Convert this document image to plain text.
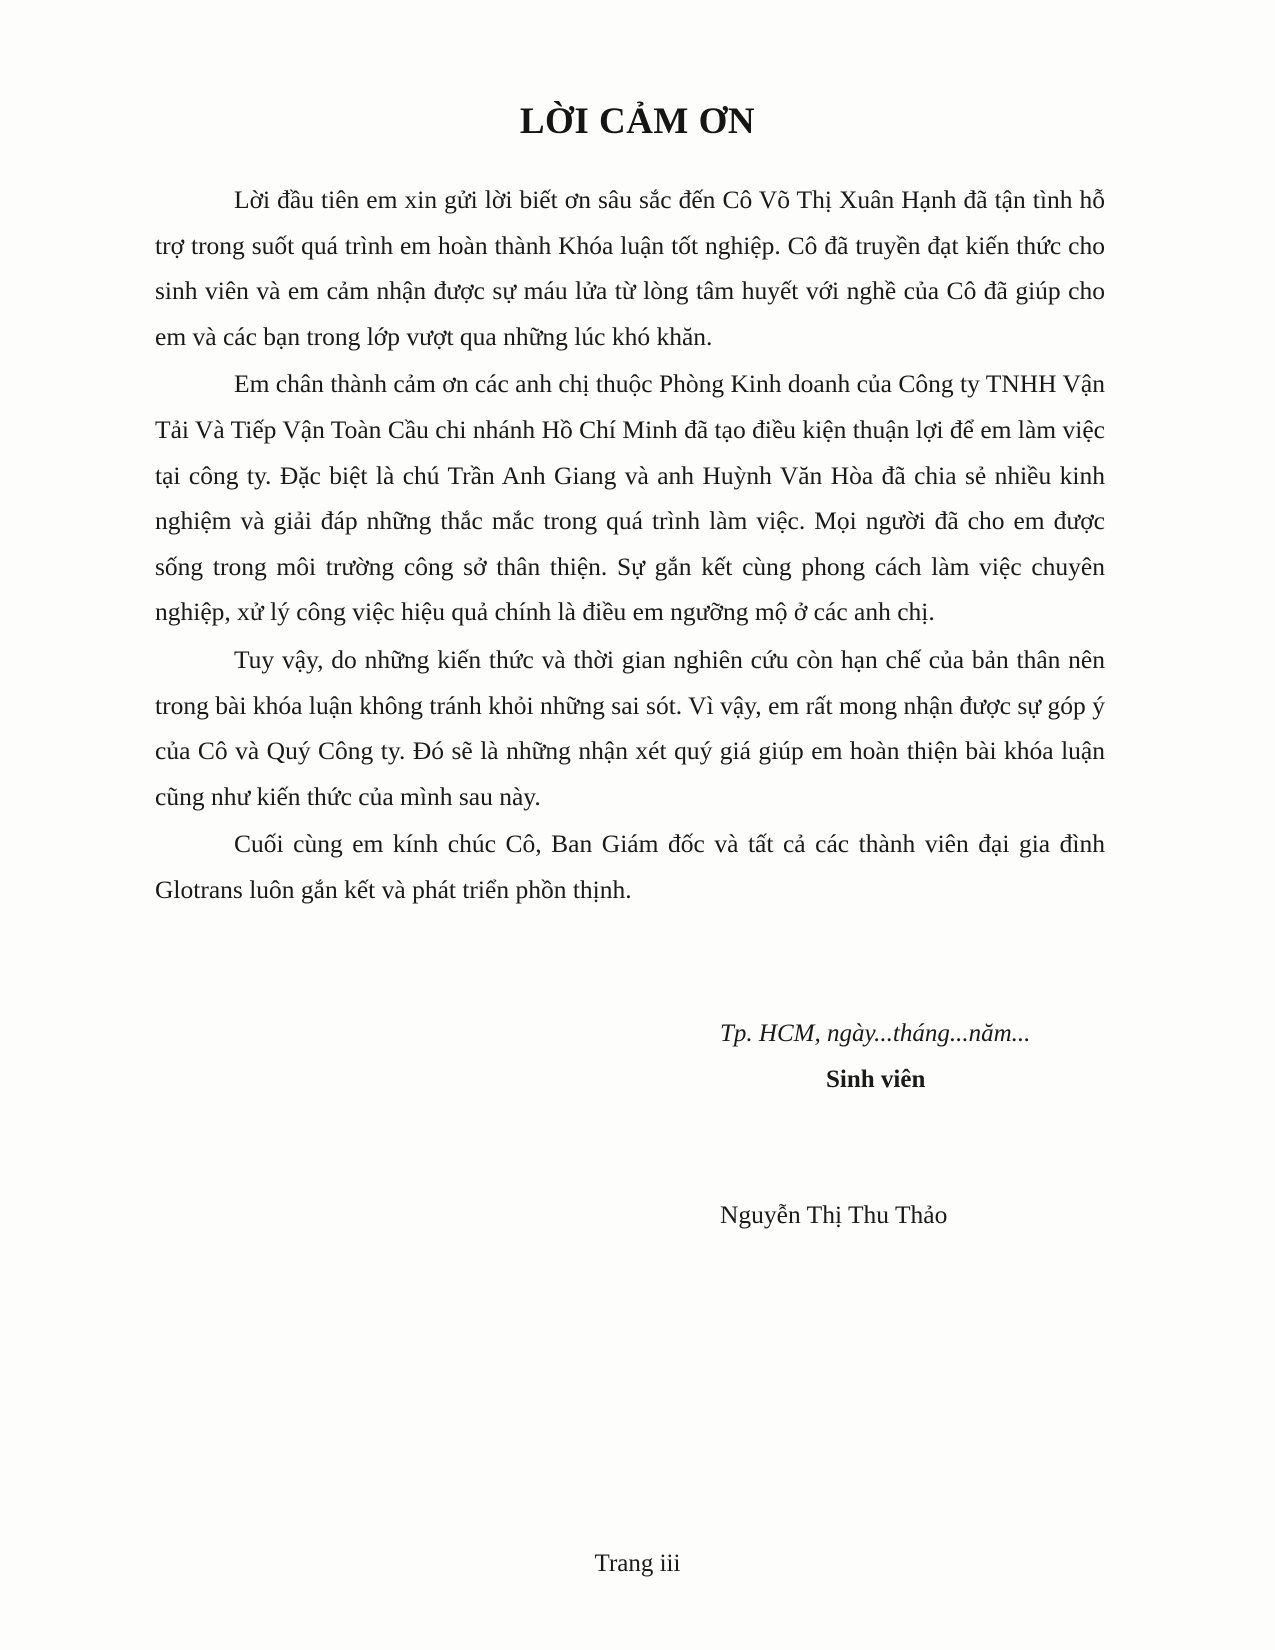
LỜI CẢM ƠN

Lời đầu tiên em xin gửi lời biết ơn sâu sắc đến Cô Võ Thị Xuân Hạnh đã tận tình hỗ trợ trong suốt quá trình em hoàn thành Khóa luận tốt nghiệp. Cô đã truyền đạt kiến thức cho sinh viên và em cảm nhận được sự máu lửa từ lòng tâm huyết với nghề của Cô đã giúp cho em và các bạn trong lớp vượt qua những lúc khó khăn.

Em chân thành cảm ơn các anh chị thuộc Phòng Kinh doanh của Công ty TNHH Vận Tải Và Tiếp Vận Toàn Cầu chi nhánh Hồ Chí Minh đã tạo điều kiện thuận lợi để em làm việc tại công ty. Đặc biệt là chú Trần Anh Giang và anh Huỳnh Văn Hòa đã chia sẻ nhiều kinh nghiệm và giải đáp những thắc mắc trong quá trình làm việc. Mọi người đã cho em được sống trong môi trường công sở thân thiện. Sự gắn kết cùng phong cách làm việc chuyên nghiệp, xử lý công việc hiệu quả chính là điều em ngưỡng mộ ở các anh chị.

Tuy vậy, do những kiến thức và thời gian nghiên cứu còn hạn chế của bản thân nên trong bài khóa luận không tránh khỏi những sai sót. Vì vậy, em rất mong nhận được sự góp ý của Cô và Quý Công ty. Đó sẽ là những nhận xét quý giá giúp em hoàn thiện bài khóa luận cũng như kiến thức của mình sau này.

Cuối cùng em kính chúc Cô, Ban Giám đốc và tất cả các thành viên đại gia đình Glotrans luôn gắn kết và phát triển phồn thịnh.

Tp. HCM, ngày...tháng...năm...
Sinh viên
Nguyễn Thị Thu Thảo
Trang iii
